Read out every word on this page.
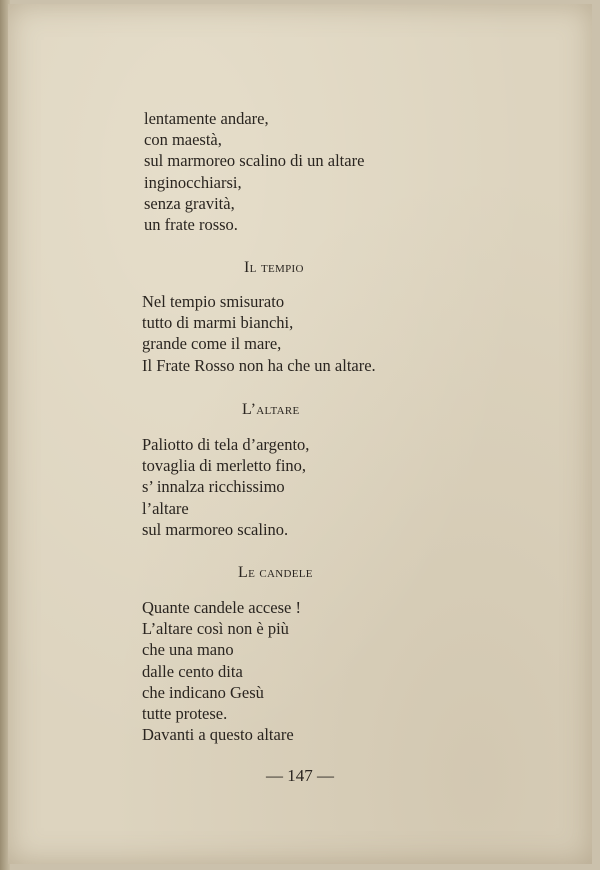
lentamente andare,
con maestà,
sul marmoreo scalino di un altare
inginocchiarsi,
senza gravità,
un frate rosso.
Il tempio
Nel tempio smisurato
tutto di marmi bianchi,
grande come il mare,
Il Frate Rosso non ha che un altare.
L’altare
Paliotto di tela d’argento,
tovaglia di merletto fino,
s’ innalza ricchissimo
l’altare
sul marmoreo scalino.
Le candele
Quante candele accese !
L’altare così non è più
che una mano
dalle cento dita
che indicano Gesù
tutte protese.
Davanti a questo altare
— 147 —
